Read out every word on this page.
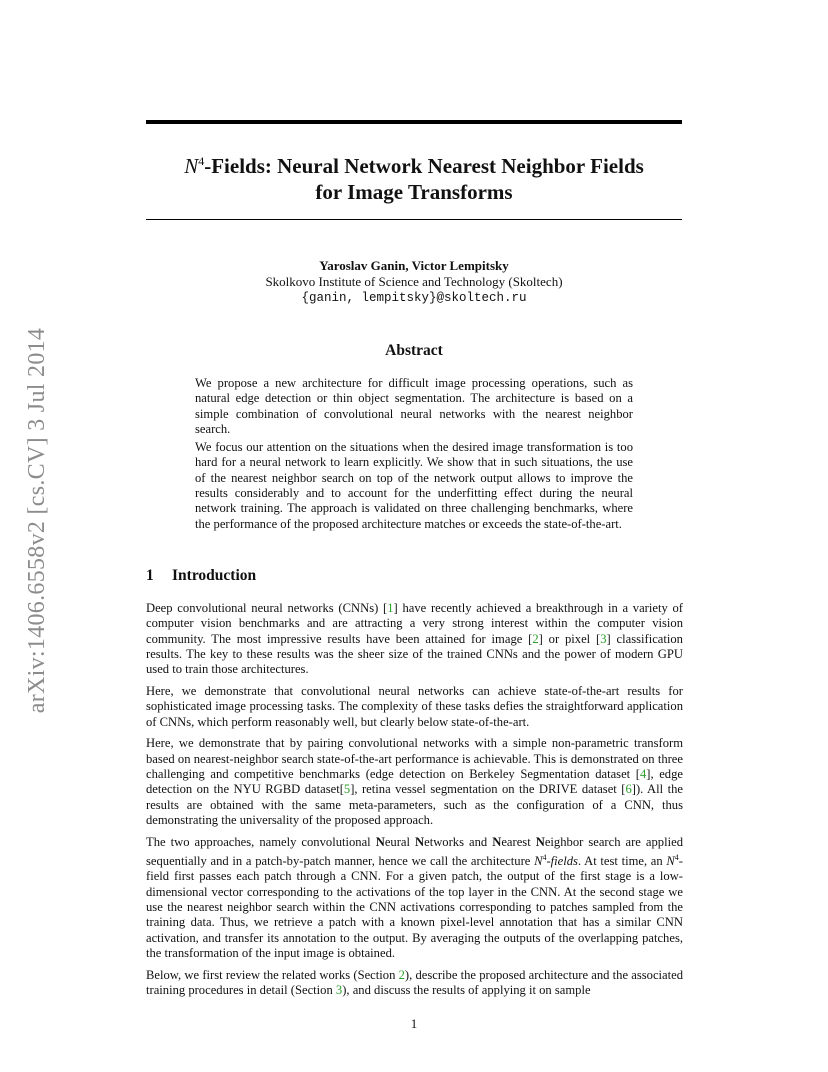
arXiv:1406.6558v2 [cs.CV] 3 Jul 2014
$N^4$-Fields: Neural Network Nearest Neighbor Fields
for Image Transforms
Yaroslav Ganin, Victor Lempitsky
Skolkovo Institute of Science and Technology (Skoltech)
{ganin, lempitsky}@skoltech.ru
Abstract

We propose a new architecture for difficult image processing operations, such as natural edge detection or thin object segmentation. The architecture is based on a simple combination of convolutional neural networks with the nearest neighbor search.

We focus our attention on the situations when the desired image transformation is too hard for a neural network to learn explicitly. We show that in such situations, the use of the nearest neighbor search on top of the network output allows to improve the results considerably and to account for the underfitting effect during the neural network training. The approach is validated on three challenging benchmarks, where the performance of the proposed architecture matches or exceeds the state-of-the-art.

1 Introduction

Deep convolutional neural networks (CNNs) [1] have recently achieved a breakthrough in a variety of computer vision benchmarks and are attracting a very strong interest within the computer vision community. The most impressive results have been attained for image [2] or pixel [3] classification results. The key to these results was the sheer size of the trained CNNs and the power of modern GPU used to train those architectures.

Here, we demonstrate that convolutional neural networks can achieve state-of-the-art results for sophisticated image processing tasks. The complexity of these tasks defies the straightforward application of CNNs, which perform reasonably well, but clearly below state-of-the-art.

Here, we demonstrate that by pairing convolutional networks with a simple non-parametric transform based on nearest-neighbor search state-of-the-art performance is achievable. This is demonstrated on three challenging and competitive benchmarks (edge detection on Berkeley Segmentation dataset [4], edge detection on the NYU RGBD dataset[5], retina vessel segmentation on the DRIVE dataset [6]). All the results are obtained with the same meta-parameters, such as the configuration of a CNN, thus demonstrating the universality of the proposed approach.

The two approaches, namely convolutional Neural Networks and Nearest Neighbor search are applied sequentially and in a patch-by-patch manner, hence we call the architecture $N^4$-fields. At test time, an $N^4$-field first passes each patch through a CNN. For a given patch, the output of the first stage is a low-dimensional vector corresponding to the activations of the top layer in the CNN. At the second stage we use the nearest neighbor search within the CNN activations corresponding to patches sampled from the training data. Thus, we retrieve a patch with a known pixel-level annotation that has a similar CNN activation, and transfer its annotation to the output. By averaging the outputs of the overlapping patches, the transformation of the input image is obtained.

Below, we first review the related works (Section 2), describe the proposed architecture and the associated training procedures in detail (Section 3), and discuss the results of applying it on sample

1
